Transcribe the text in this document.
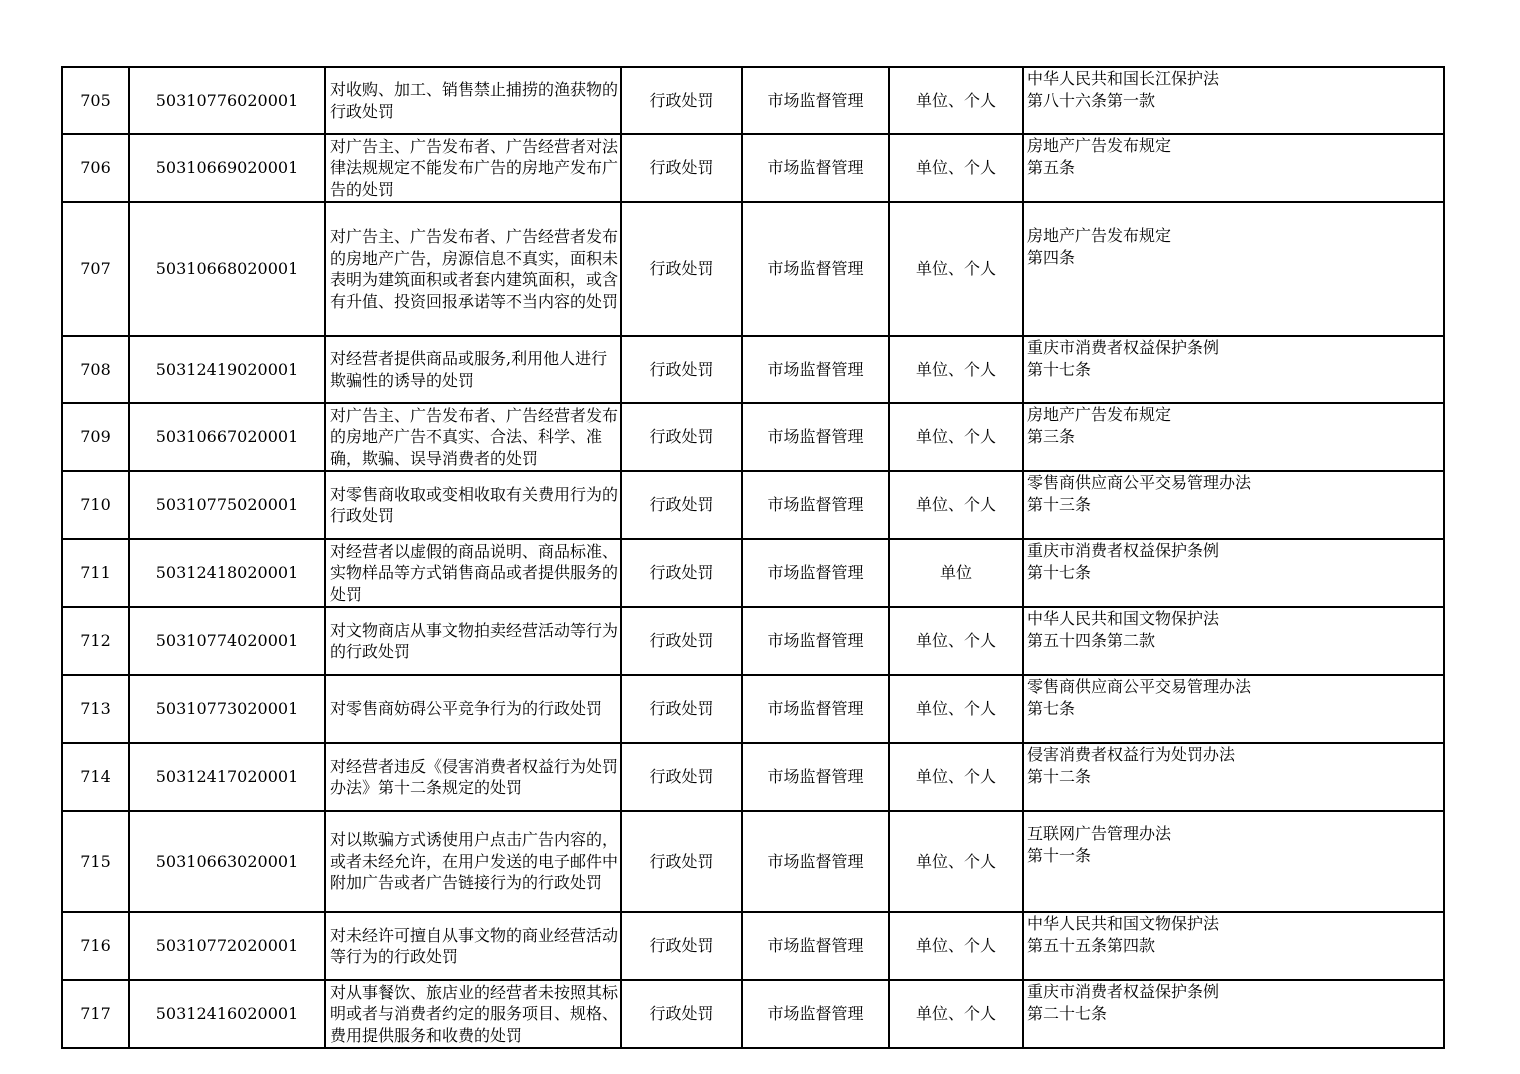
705	50310776020001	对收购、加工、销售禁止捕捞的渔获物的行政处罚	行政处罚	市场监督管理	单位、个人	中华人民共和国长江保护法
第八十六条第一款

706	50310669020001	对广告主、广告发布者、广告经营者对法律法规规定不能发布广告的房地产发布广告的处罚	行政处罚	市场监督管理	单位、个人	房地产广告发布规定
第五条

707	50310668020001	对广告主、广告发布者、广告经营者发布的房地产广告，房源信息不真实，面积未表明为建筑面积或者套内建筑面积，或含有升值、投资回报承诺等不当内容的处罚	行政处罚	市场监督管理	单位、个人	房地产广告发布规定
第四条

708	50312419020001	对经营者提供商品或服务,利用他人进行欺骗性的诱导的处罚	行政处罚	市场监督管理	单位、个人	重庆市消费者权益保护条例
第十七条

709	50310667020001	对广告主、广告发布者、广告经营者发布的房地产广告不真实、合法、科学、准确，欺骗、误导消费者的处罚	行政处罚	市场监督管理	单位、个人	房地产广告发布规定
第三条

710	50310775020001	对零售商收取或变相收取有关费用行为的行政处罚	行政处罚	市场监督管理	单位、个人	零售商供应商公平交易管理办法
第十三条

711	50312418020001	对经营者以虚假的商品说明、商品标准、实物样品等方式销售商品或者提供服务的处罚	行政处罚	市场监督管理	单位	重庆市消费者权益保护条例
第十七条

712	50310774020001	对文物商店从事文物拍卖经营活动等行为的行政处罚	行政处罚	市场监督管理	单位、个人	中华人民共和国文物保护法
第五十四条第二款

713	50310773020001	对零售商妨碍公平竞争行为的行政处罚	行政处罚	市场监督管理	单位、个人	零售商供应商公平交易管理办法
第七条

714	50312417020001	对经营者违反《侵害消费者权益行为处罚办法》第十二条规定的处罚	行政处罚	市场监督管理	单位、个人	侵害消费者权益行为处罚办法
第十二条

715	50310663020001	对以欺骗方式诱使用户点击广告内容的，或者未经允许，在用户发送的电子邮件中附加广告或者广告链接行为的行政处罚	行政处罚	市场监督管理	单位、个人	互联网广告管理办法
第十一条

716	50310772020001	对未经许可擅自从事文物的商业经营活动等行为的行政处罚	行政处罚	市场监督管理	单位、个人	中华人民共和国文物保护法
第五十五条第四款

717	50312416020001	对从事餐饮、旅店业的经营者未按照其标明或者与消费者约定的服务项目、规格、费用提供服务和收费的处罚	行政处罚	市场监督管理	单位、个人	重庆市消费者权益保护条例
第二十七条
